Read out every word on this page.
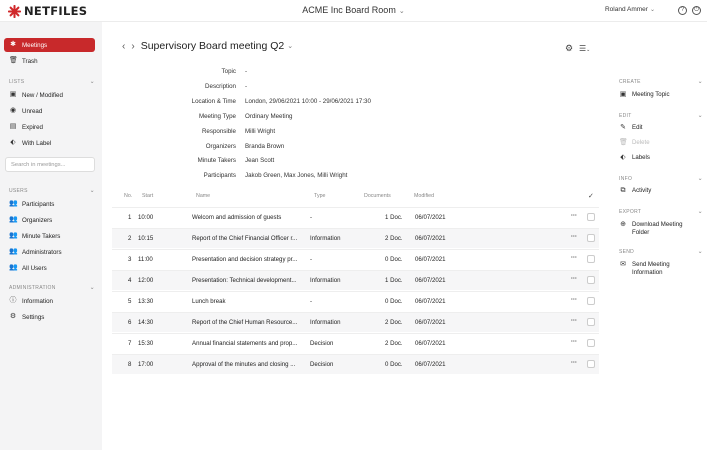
NETFILES	ACME Inc Board Room ⌄	Roland Ammer ⌄	?	⏻
✱ Meetings
🗑 Trash
LISTS	⌄
▣ New / Modified
◉ Unread
▤ Expired
⬖ With Label
Search in meetings...
USERS	⌄
👥 Participants
👥 Organizers
👥 Minute Takers
👥 Administrators
👥 All Users
ADMINISTRATION	⌄
ⓘ Information
⚙ Settings
‹ › Supervisory Board meeting Q2 ⌄	⚙ ☰⌄
Topic -
Description -
Location & Time London, 29/06/2021 10:00 - 29/06/2021 17:30
Meeting Type Ordinary Meeting
Responsible Milli Wright
Organizers Branda Brown
Minute Takers Jean Scott
Participants Jakob Green, Max Jones, Milli Wright
No. Start	Name	Type	Documents	Modified	✓
1 10:00	Welcom and admission of guests	-	1 Doc. 06/07/2021	···
2 10:15	Report of the Chief Financial Officer r... Information	2 Doc. 06/07/2021	···
3 11:00	Presentation and decision strategy pr... -	0 Doc. 06/07/2021	···
4 12:00	Presentation: Technical development... Information	1 Doc. 06/07/2021	···
5 13:30	Lunch break	-	0 Doc. 06/07/2021	···
6 14:30	Report of the Chief Human Resource... Information	2 Doc. 06/07/2021	···
7 15:30	Annual financial statements and prop... Decision	2 Doc. 06/07/2021	···
8 17:00	Approval of the minutes and closing ... Decision	0 Doc. 06/07/2021	···
CREATE	⌄
▣ Meeting Topic
EDIT	⌄
✎ Edit
🗑 Delete
⬖ Labels
INFO	⌄
⧉ Activity
EXPORT	⌄
⊕ Download Meeting
Folder
SEND	⌄
✉ Send Meeting
Information
